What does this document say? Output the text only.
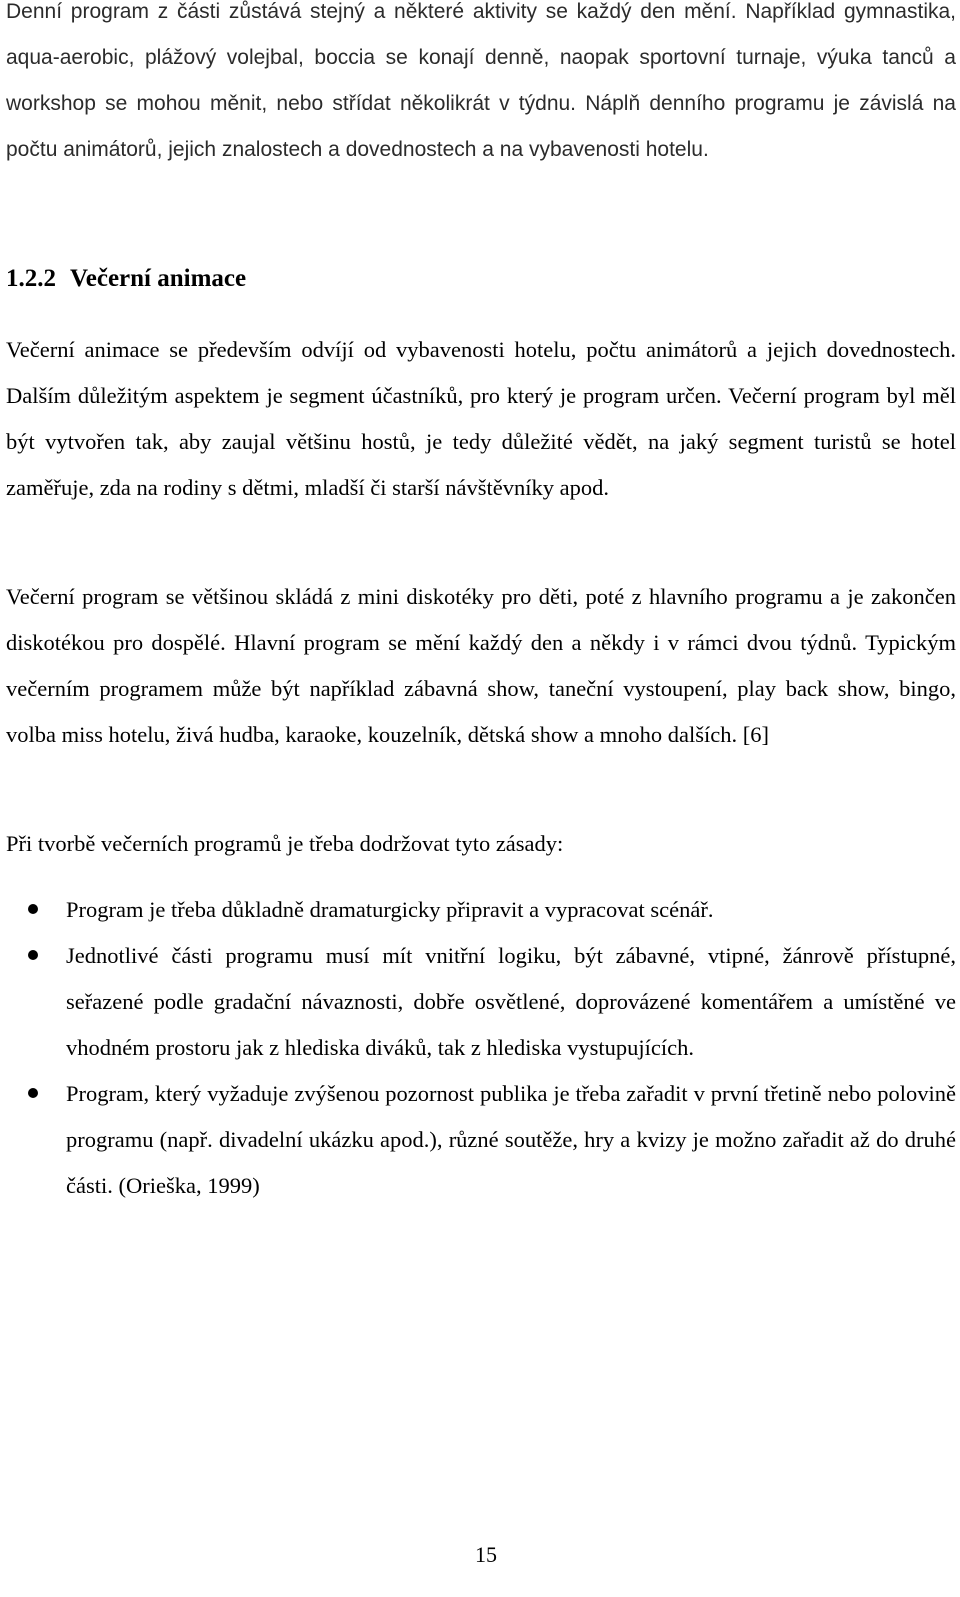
Denní program z části zůstává stejný a některé aktivity se každý den mění. Například gymnastika, aqua-aerobic, plážový volejbal, boccia se konají denně, naopak sportovní turnaje, výuka tanců a workshop se mohou měnit, nebo střídat několikrát v týdnu. Náplň denního programu je závislá na počtu animátorů, jejich znalostech a dovednostech a na vybavenosti hotelu.

1.2.2 Večerní animace

Večerní animace se především odvíjí od vybavenosti hotelu, počtu animátorů a jejich dovednostech. Dalším důležitým aspektem je segment účastníků, pro který je program určen. Večerní program byl měl být vytvořen tak, aby zaujal většinu hostů, je tedy důležité vědět, na jaký segment turistů se hotel zaměřuje, zda na rodiny s dětmi, mladší či starší návštěvníky apod.

Večerní program se většinou skládá z mini diskotéky pro děti, poté z hlavního programu a je zakončen diskotékou pro dospělé. Hlavní program se mění každý den a někdy i v rámci dvou týdnů. Typickým večerním programem může být například zábavná show, taneční vystoupení, play back show, bingo, volba miss hotelu, živá hudba, karaoke, kouzelník, dětská show a mnoho dalších. [6]

Při tvorbě večerních programů je třeba dodržovat tyto zásady:

Program je třeba důkladně dramaturgicky připravit a vypracovat scénář.
Jednotlivé části programu musí mít vnitřní logiku, být zábavné, vtipné, žánrově přístupné, seřazené podle gradační návaznosti, dobře osvětlené, doprovázené komentářem a umístěné ve vhodném prostoru jak z hlediska diváků, tak z hlediska vystupujících.
Program, který vyžaduje zvýšenou pozornost publika je třeba zařadit v první třetině nebo polovině programu (např. divadelní ukázku apod.), různé soutěže, hry a kvizy je možno zařadit až do druhé části. (Orieška, 1999)
15
